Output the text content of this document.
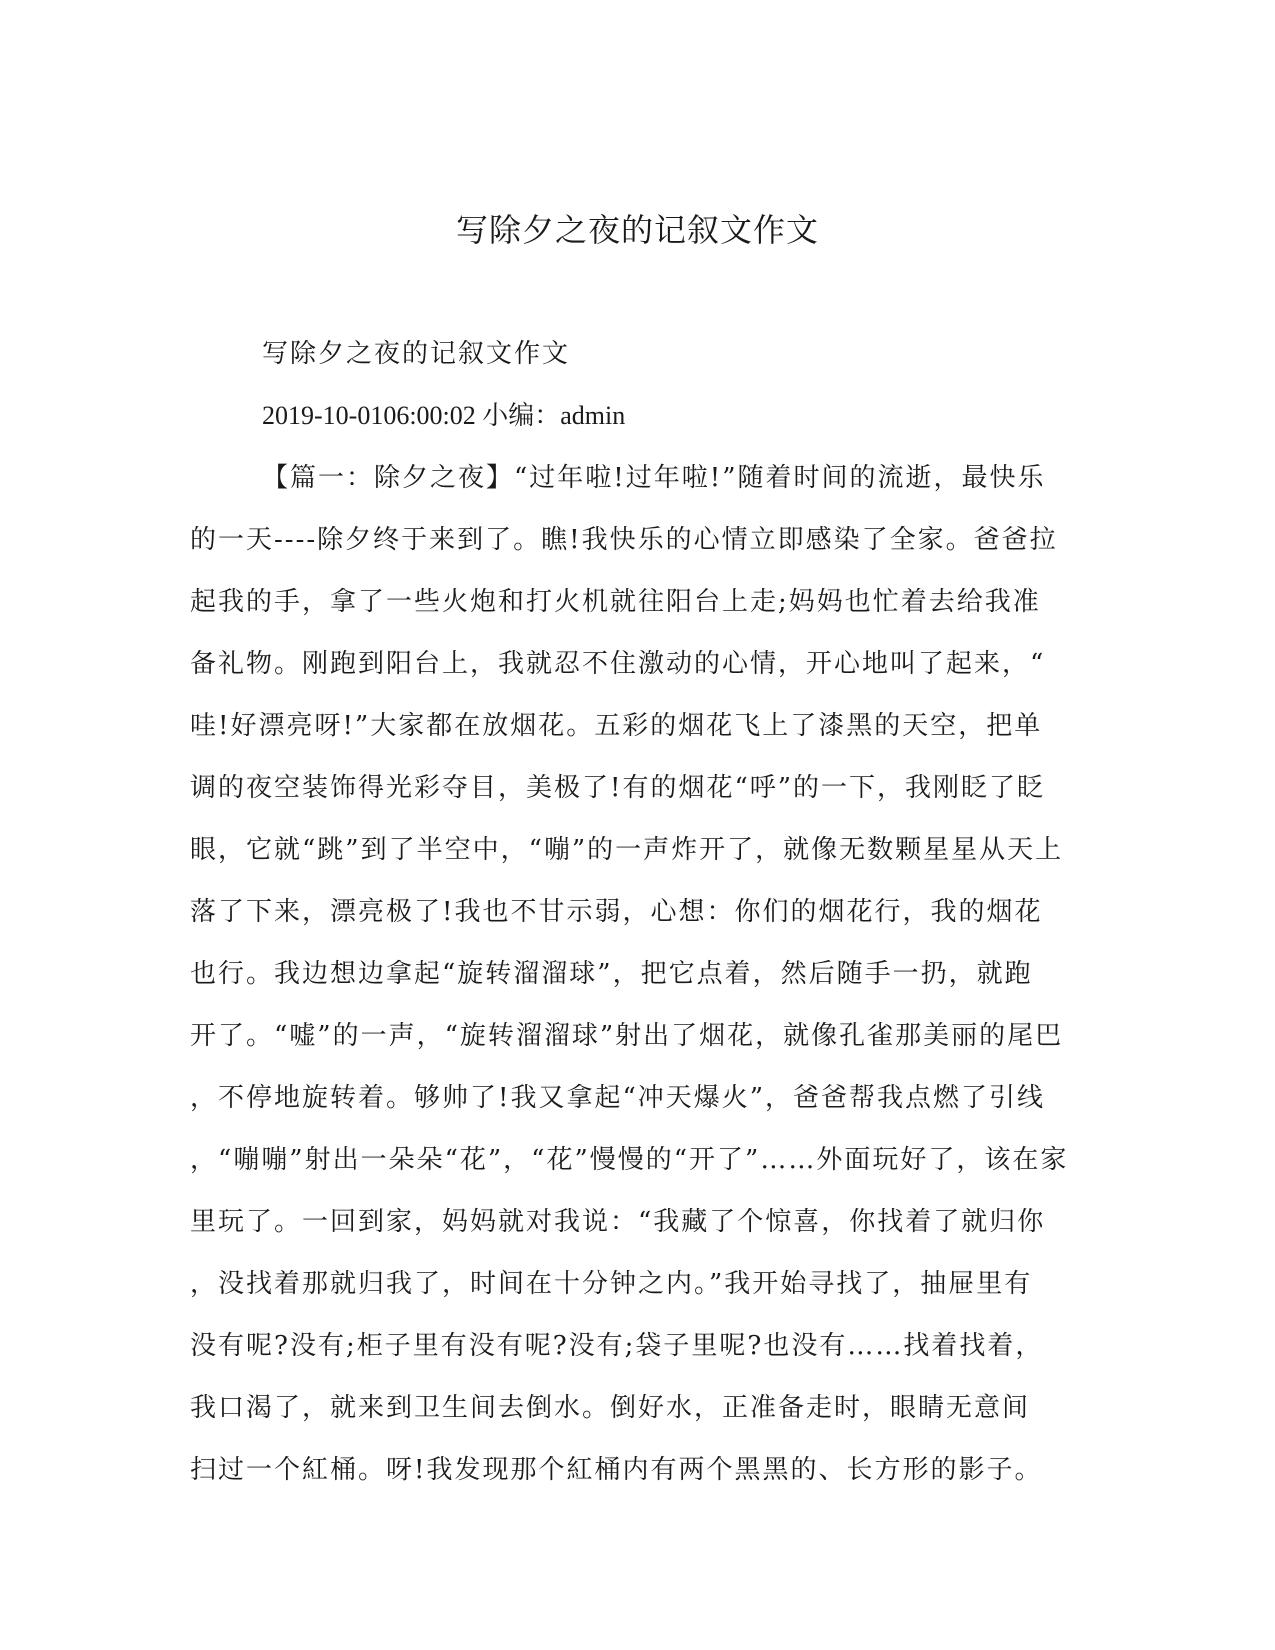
写除夕之夜的记叙文作文
写除夕之夜的记叙文作文
2019-10-0106:00:02 小编：admin
【篇一：除夕之夜】“过年啦!过年啦!”随着时间的流逝，最快乐
的一天----除夕终于来到了。瞧!我快乐的心情立即感染了全家。爸爸拉
起我的手，拿了一些火炮和打火机就往阳台上走;妈妈也忙着去给我准
备礼物。刚跑到阳台上，我就忍不住激动的心情，开心地叫了起来，“
哇!好漂亮呀!”大家都在放烟花。五彩的烟花飞上了漆黑的天空，把单
调的夜空装饰得光彩夺目，美极了!有的烟花“呼”的一下，我刚眨了眨
眼，它就“跳”到了半空中，“嘣”的一声炸开了，就像无数颗星星从天上
落了下来，漂亮极了!我也不甘示弱，心想：你们的烟花行，我的烟花
也行。我边想边拿起“旋转溜溜球”，把它点着，然后随手一扔，就跑
开了。“嘘”的一声，“旋转溜溜球”射出了烟花，就像孔雀那美丽的尾巴
，不停地旋转着。够帅了!我又拿起“冲天爆火”，爸爸帮我点燃了引线
，“嘣嘣”射出一朵朵“花”，“花”慢慢的“开了”……外面玩好了，该在家
里玩了。一回到家，妈妈就对我说：“我藏了个惊喜，你找着了就归你
，没找着那就归我了，时间在十分钟之内。”我开始寻找了，抽屉里有
没有呢?没有;柜子里有没有呢?没有;袋子里呢?也没有……找着找着，
我口渴了，就来到卫生间去倒水。倒好水，正准备走时，眼睛无意间
扫过一个紅桶。呀!我发现那个紅桶内有两个黑黑的、长方形的影子。
